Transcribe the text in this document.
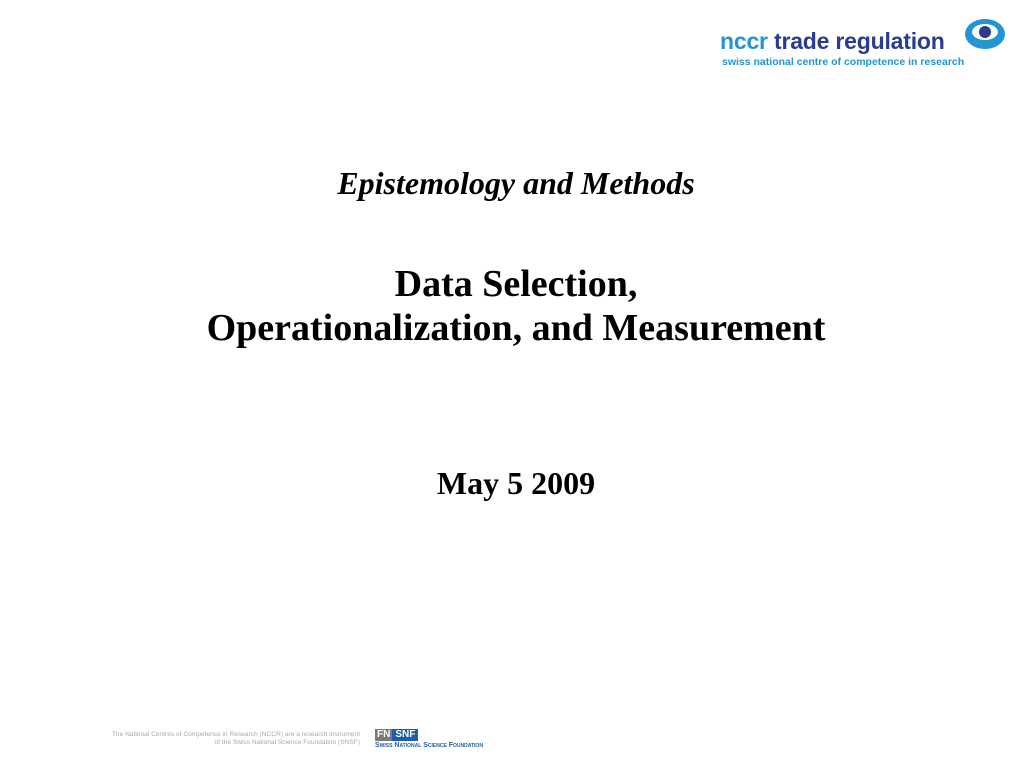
nccr trade regulation
swiss national centre of competence in research
Epistemology and Methods
Data Selection,
Operationalization, and Measurement
May 5 2009
The National Centres of Competence in Research (NCCR) are a research instrument
of the Swiss National Science Foundation (SNSF)
FN SNF
Swiss National Science Foundation
